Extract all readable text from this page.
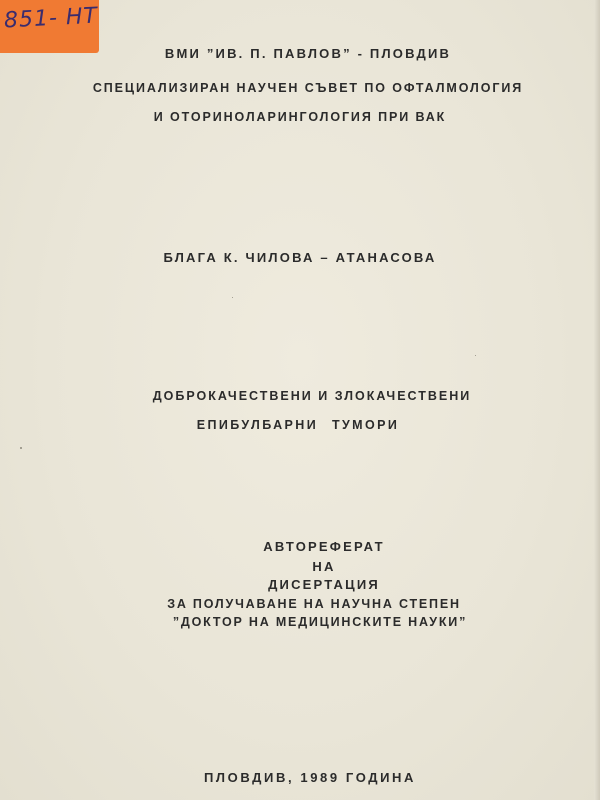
851- НТ
ВМИ ”ИВ. П. ПАВЛОВ” - ПЛОВДИВ
СПЕЦИАЛИЗИРАН НАУЧЕН СЪВЕТ ПО ОФТАЛМОЛОГИЯ
И ОТОРИНОЛАРИНГОЛОГИЯ ПРИ ВАК
БЛАГА К. ЧИЛОВА – АТАНАСОВА
ДОБРОКАЧЕСТВЕНИ И ЗЛОКАЧЕСТВЕНИ
ЕПИБУЛБАРНИ ТУМОРИ
АВТОРЕФЕРАТ
НА
ДИСЕРТАЦИЯ
ЗА ПОЛУЧАВАНЕ НА НАУЧНА СТЕПЕН
”ДОКТОР НА МЕДИЦИНСКИТЕ НАУКИ”
ПЛОВДИВ, 1989 ГОДИНА
